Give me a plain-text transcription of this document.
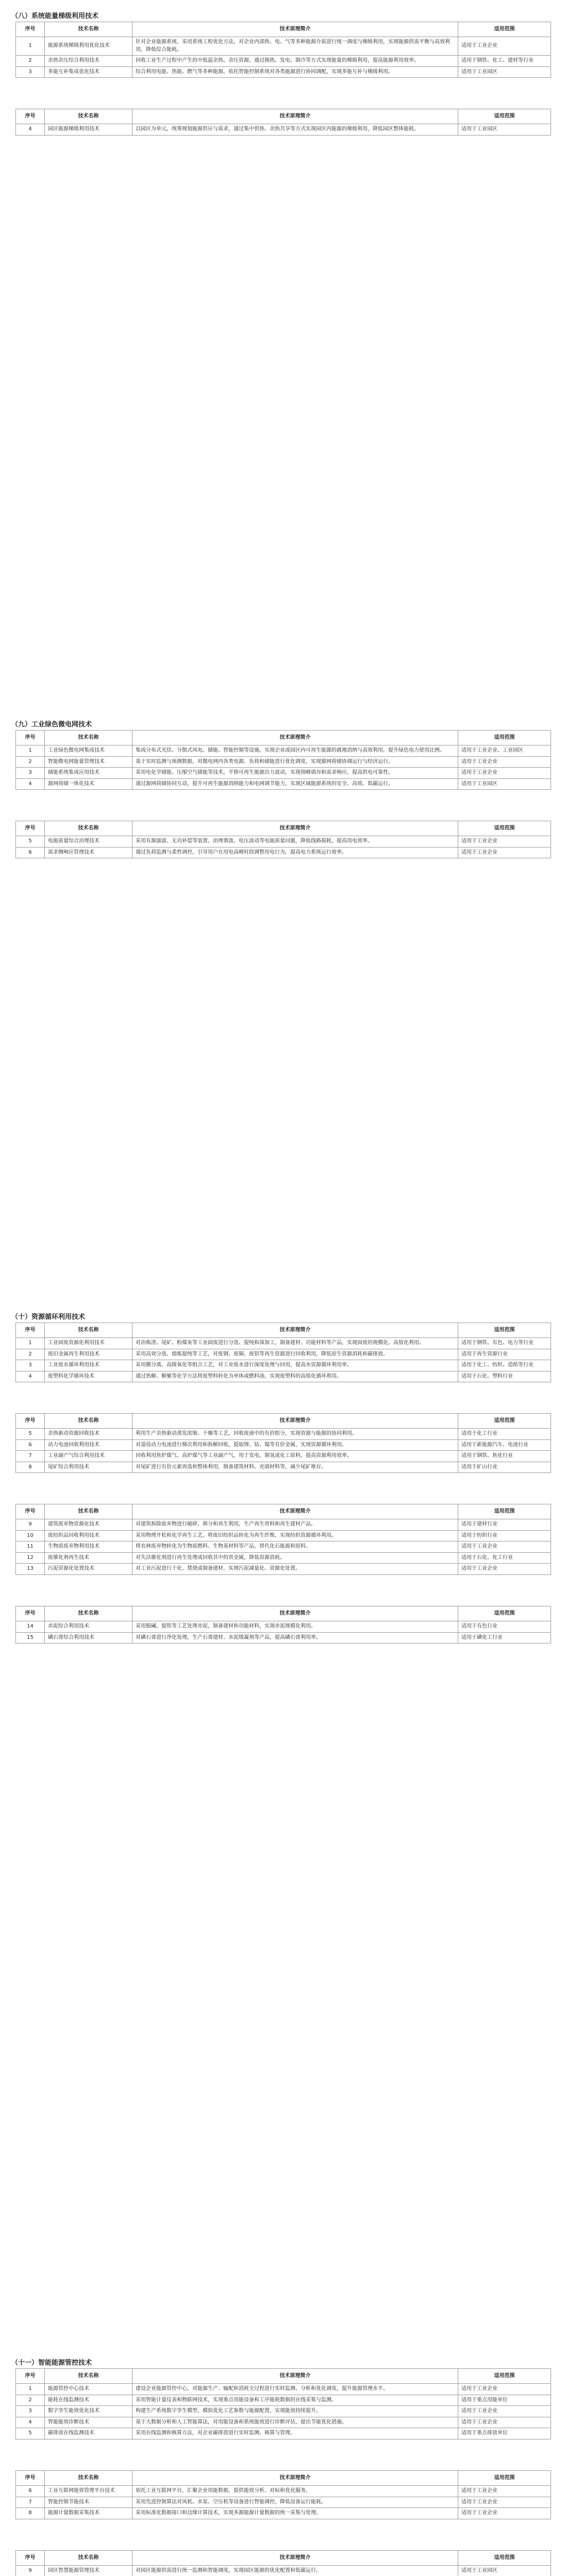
（八）系统能量梯级利用技术
序号	技术名称	技术原理简介	适用范围
1	能源系统梯级利用优化技术	针对企业能源系统，采用系统工程优化方法，对企业内部热、电、气等多种能源介质进行统一调度与梯级利用，实现能源供需平衡与高效利用，降低综合能耗。	适用于工业企业
2	余热余压综合利用技术	回收工业生产过程中产生的中低温余热、余压资源，通过换热、发电、制冷等方式实现能量的梯级利用，提高能源利用效率。	适用于钢铁、化工、建材等行业
3	多能互补集成优化技术	综合利用电能、热能、燃气等多种能源，依托智能控制系统对各类能源进行协同调配，实现多能互补与梯级利用。	适用于工业园区
序号	技术名称	技术原理简介	适用范围
4	园区能源梯级利用技术	以园区为单元，统筹规划能源供应与需求，通过集中供热、余热共享等方式实现园区内能源的梯级利用，降低园区整体能耗。	适用于工业园区
（九）工业绿色微电网技术
序号	技术名称	技术原理简介	适用范围
1	工业绿色微电网集成技术	集成分布式光伏、分散式风电、储能、智能控制等设施，实现企业或园区内可再生能源的就地消纳与高效利用，提升绿色电力使用比例。	适用于工业企业、工业园区
2	智能微电网能量管理技术	基于实时监测与预测数据，对微电网内各类电源、负荷和储能进行优化调度，实现源网荷储协调运行与经济运行。	适用于工业企业
3	储能系统集成应用技术	采用电化学储能、压缩空气储能等技术，平抑可再生能源出力波动，实现削峰填谷和需求响应，提高供电可靠性。	适用于工业企业
4	源网荷储一体化技术	通过源网荷储协同互动，提升可再生能源消纳能力和电网调节能力，实现区域能源系统的安全、高效、低碳运行。	适用于工业园区
序号	技术名称	技术原理简介	适用范围
5	电能质量综合治理技术	采用有源滤波、无功补偿等装置，治理谐波、电压波动等电能质量问题，降低线路损耗，提高用电效率。	适用于工业企业
6	需求侧响应管理技术	通过负荷监测与柔性调控，引导用户在用电高峰时段调整用电行为，提高电力系统运行效率。	适用于工业企业
（十）资源循环利用技术
序号	技术名称	技术原理简介	适用范围
1	工业固废资源化利用技术	对冶炼渣、尾矿、粉煤灰等工业固废进行分选、提纯和深加工，制备建材、功能材料等产品，实现固废的规模化、高值化利用。	适用于钢铁、有色、电力等行业
2	废旧金属再生利用技术	采用高效分选、熔炼提纯等工艺，对废钢、废铜、废铝等再生资源进行回收利用，降低原生资源消耗和碳排放。	适用于再生资源行业
3	工业废水循环利用技术	采用膜分离、高级氧化等组合工艺，对工业废水进行深度处理与回用，提高水资源循环利用率。	适用于化工、纺织、造纸等行业
4	废塑料化学循环技术	通过热解、解聚等化学方法将废塑料转化为单体或燃料油，实现废塑料的高值化循环利用。	适用于石化、塑料行业
序号	技术名称	技术原理简介	适用范围
5	余热驱动资源回收技术	利用生产余热驱动蒸发浓缩、干燥等工艺，回收废液中的有价组分，实现资源与能源的协同利用。	适用于化工行业
6	动力电池回收利用技术	对退役动力电池进行梯次利用和拆解回收，提取锂、钴、镍等有价金属，实现资源循环利用。	适用于新能源汽车、电池行业
7	工业副产气综合利用技术	回收利用焦炉煤气、高炉煤气等工业副产气，用于发电、制氢或化工原料，提高资源利用效率。	适用于钢铁、焦化行业
8	尾矿综合利用技术	对尾矿进行有价元素再选和整体利用，制备建筑材料、充填材料等，减少尾矿堆存。	适用于矿山行业
序号	技术名称	技术原理简介	适用范围
9	建筑废弃物资源化技术	对建筑拆除废弃物进行破碎、筛分和再生利用，生产再生骨料和再生建材产品。	适用于建材行业
10	废纺织品回收利用技术	采用物理开松和化学再生工艺，将废旧纺织品转化为再生纤维，实现纺织资源循环利用。	适用于纺织行业
11	生物质废弃物利用技术	将农林废弃物转化为生物质燃料、生物基材料等产品，替代化石能源和原料。	适用于工业企业
12	废催化剂再生技术	对失活催化剂进行再生处理或回收其中的贵金属，降低资源消耗。	适用于石化、化工行业
13	污泥资源化处置技术	对工业污泥进行干化、焚烧或制备建材，实现污泥减量化、资源化处置。	适用于工业企业
序号	技术名称	技术原理简介	适用范围
14	赤泥综合利用技术	采用脱碱、提铁等工艺处理赤泥，制备建材和功能材料，实现赤泥规模化利用。	适用于有色行业
15	磷石膏综合利用技术	对磷石膏进行净化处理，生产石膏建材、水泥缓凝剂等产品，提高磷石膏利用率。	适用于磷化工行业
（十一）智能能源管控技术
序号	技术名称	技术原理简介	适用范围
1	能源管控中心技术	建设企业能源管控中心，对能源生产、输配和消耗全过程进行实时监测、分析和优化调度，提升能源管理水平。	适用于工业企业
2	能耗在线监测技术	采用智能计量仪表和物联网技术，实现重点用能设备和工序能耗数据的在线采集与监测。	适用于重点用能单位
3	数字孪生能效优化技术	构建生产系统数字孪生模型，模拟优化工艺参数与能源配置，实现能效持续提升。	适用于工业企业
4	智能能效诊断技术	基于大数据分析和人工智能算法，对用能设备和系统能效进行诊断评估，提出节能优化措施。	适用于工业企业
5	碳排放在线监测技术	采用在线监测和核算方法，对企业碳排放进行实时监测、核算与管理。	适用于重点排放单位
序号	技术名称	技术原理简介	适用范围
6	工业互联网能效管理平台技术	依托工业互联网平台，汇聚企业用能数据，提供能效分析、对标和优化服务。	适用于工业企业
7	智能控制节能技术	采用先进控制算法对风机、水泵、空压机等设备进行智能调控，降低设备运行能耗。	适用于工业企业
8	能源计量数据采集技术	采用标准化数据接口和边缘计算技术，实现多源能源计量数据的统一采集与处理。	适用于工业企业
序号	技术名称	技术原理简介	适用范围
9	园区智慧能源管理技术	对园区能源供需进行统一监测和智能调度，实现园区能源的优化配置和低碳运行。	适用于工业园区
